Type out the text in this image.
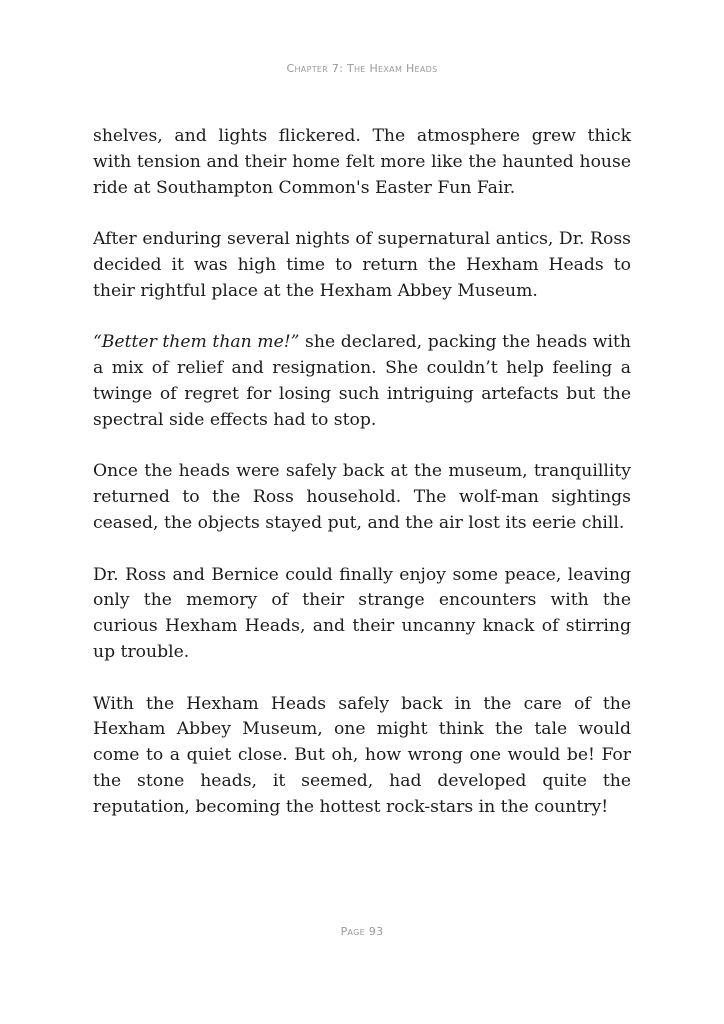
Chapter 7: The Hexam Heads

shelves, and lights flickered. The atmosphere grew thick with tension and their home felt more like the haunted house ride at Southampton Common's Easter Fun Fair.

After enduring several nights of supernatural antics, Dr. Ross decided it was high time to return the Hexham Heads to their rightful place at the Hexham Abbey Museum.

“Better them than me!” she declared, packing the heads with a mix of relief and resignation. She couldn’t help feeling a twinge of regret for losing such intriguing artefacts but the spectral side effects had to stop.

Once the heads were safely back at the museum, tranquillity returned to the Ross household. The wolf-man sightings ceased, the objects stayed put, and the air lost its eerie chill.

Dr. Ross and Bernice could finally enjoy some peace, leaving only the memory of their strange encounters with the curious Hexham Heads, and their uncanny knack of stirring up trouble.

With the Hexham Heads safely back in the care of the Hexham Abbey Museum, one might think the tale would come to a quiet close. But oh, how wrong one would be! For the stone heads, it seemed, had developed quite the reputation, becoming the hottest rock-stars in the country!

Page 93
